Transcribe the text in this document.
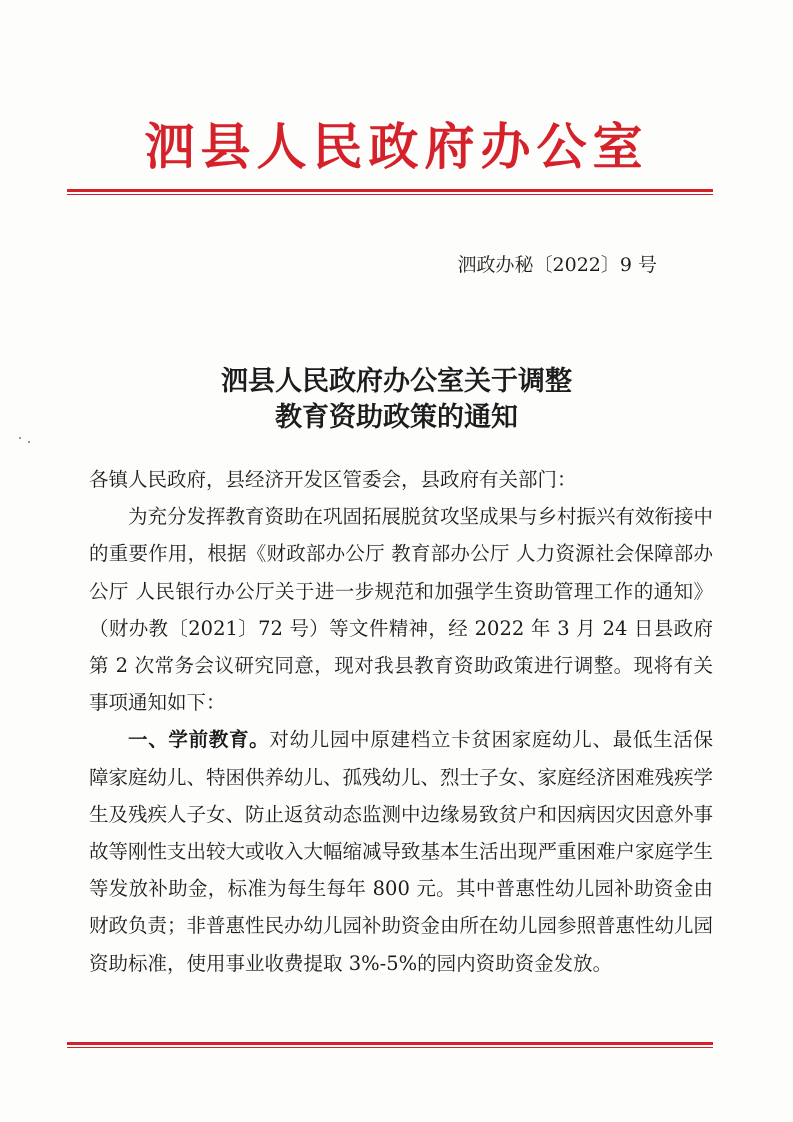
泗县人民政府办公室
泗政办秘〔2022〕9 号
泗县人民政府办公室关于调整
教育资助政策的通知

各镇人民政府，县经济开发区管委会，县政府有关部门：

为充分发挥教育资助在巩固拓展脱贫攻坚成果与乡村振兴有效衔接中的重要作用，根据《财政部办公厅 教育部办公厅 人力资源社会保障部办公厅 人民银行办公厅关于进一步规范和加强学生资助管理工作的通知》（财办教〔2021〕72 号）等文件精神，经 2022 年 3 月 24 日县政府第 2 次常务会议研究同意，现对我县教育资助政策进行调整。现将有关事项通知如下：

一、学前教育。对幼儿园中原建档立卡贫困家庭幼儿、最低生活保障家庭幼儿、特困供养幼儿、孤残幼儿、烈士子女、家庭经济困难残疾学生及残疾人子女、防止返贫动态监测中边缘易致贫户和因病因灾因意外事故等刚性支出较大或收入大幅缩减导致基本生活出现严重困难户家庭学生等发放补助金，标准为每生每年 800 元。其中普惠性幼儿园补助资金由财政负责；非普惠性民办幼儿园补助资金由所在幼儿园参照普惠性幼儿园资助标准，使用事业收费提取 3%-5%的园内资助资金发放。
